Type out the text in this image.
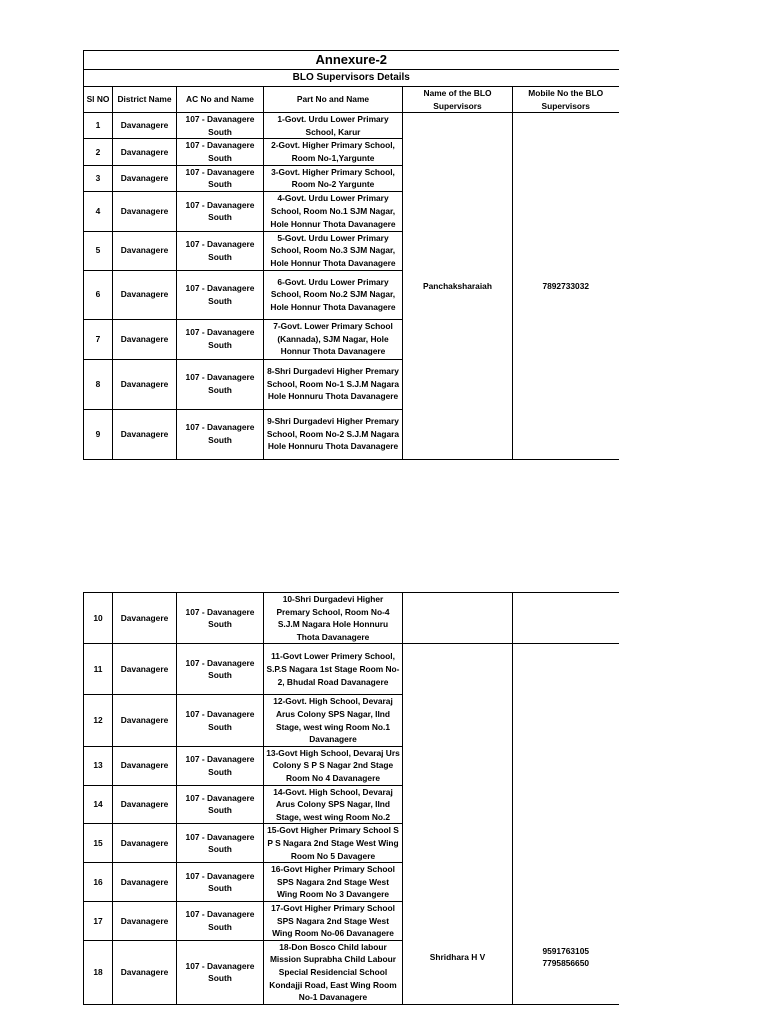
Annexure-2					
BLO Supervisors Details					
Sl NO	District Name	AC No and Name	Part No and Name	Name of the BLO Supervisors	Mobile No the BLO Supervisors
1	Davanagere	107 - Davanagere South	1-Govt. Urdu Lower Primary School, Karur	Panchaksharaiah	7892733032
2	Davanagere	107 - Davanagere South	2-Govt. Higher Primary School, Room No-1,Yargunte		
3	Davanagere	107 - Davanagere South	3-Govt. Higher Primary School, Room No-2 Yargunte		
4	Davanagere	107 - Davanagere South	4-Govt. Urdu Lower Primary School, Room No.1 SJM Nagar, Hole Honnur Thota Davanagere		
5	Davanagere	107 - Davanagere South	5-Govt. Urdu Lower Primary School, Room No.3 SJM Nagar, Hole Honnur Thota Davanagere		
6	Davanagere	107 - Davanagere South	6-Govt. Urdu Lower Primary School, Room No.2 SJM Nagar, Hole Honnur Thota Davanagere		
7	Davanagere	107 - Davanagere South	7-Govt. Lower Primary School (Kannada), SJM Nagar, Hole Honnur Thota Davanagere		
8	Davanagere	107 - Davanagere South	8-Shri Durgadevi Higher Premary School, Room No-1 S.J.M Nagara Hole Honnuru Thota Davanagere		
9	Davanagere	107 - Davanagere South	9-Shri Durgadevi Higher Premary School, Room No-2 S.J.M Nagara Hole Honnuru Thota Davanagere		
10	Davanagere	107 - Davanagere South	10-Shri Durgadevi Higher Premary School, Room No-4 S.J.M Nagara Hole Honnuru Thota Davanagere		
11	Davanagere	107 - Davanagere South	11-Govt Lower Primery School, S.P.S Nagara 1st Stage Room No-2, Bhudal Road Davanagere	Shridhara H V	9591763105
7795856650

12	Davanagere	107 - Davanagere South	12-Govt. High School, Devaraj Arus Colony SPS Nagar, IInd Stage, west wing Room No.1 Davanagere		
13	Davanagere	107 - Davanagere South	13-Govt High School, Devaraj Urs Colony S P S Nagar 2nd Stage Room No 4 Davanagere		
14	Davanagere	107 - Davanagere South	14-Govt. High School, Devaraj Arus Colony SPS Nagar, IInd Stage, west wing Room No.2		
15	Davanagere	107 - Davanagere South	15-Govt Higher Primary School S P S Nagara 2nd Stage West Wing Room No 5 Davagere		
16	Davanagere	107 - Davanagere South	16-Govt Higher Primary School SPS Nagara 2nd Stage West Wing Room No 3 Davangere		
17	Davanagere	107 - Davanagere South	17-Govt Higher Primary School SPS Nagara 2nd Stage West Wing Room No-06 Davanagere		
18	Davanagere	107 - Davanagere South	18-Don Bosco Child labour Mission Suprabha Child Labour Special Residencial School Kondajji Road, East Wing Room No-1 Davanagere		
